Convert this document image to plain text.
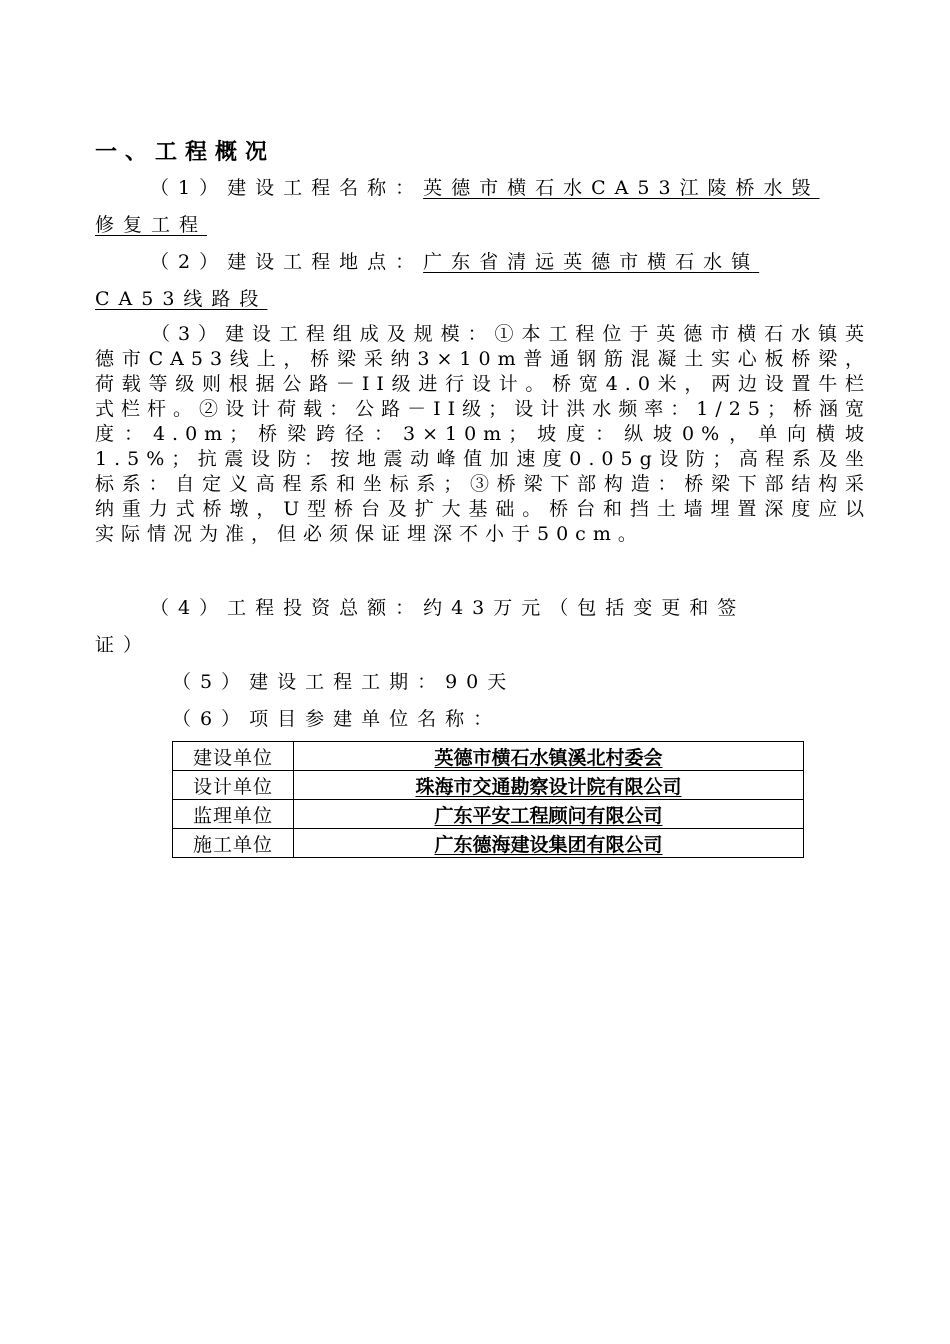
一、工程概况
（1）建设工程名称：英德市横石水CA53江陵桥水毁
修复工程
（2）建设工程地点：广东省清远英德市横石水镇
CA53线路段
（3）建设工程组成及规模：①本工程位于英德市横石水镇英德市CA53线上，桥梁采纳3×10m普通钢筋混凝土实心板桥梁，荷载等级则根据公路－II级进行设计。桥宽4.0米，两边设置牛栏式栏杆。②设计荷载：公路－II级；设计洪水频率：1/25；桥涵宽度：4.0m；桥梁跨径：3×10m；坡度：纵坡0%，单向横坡1.5%；抗震设防：按地震动峰值加速度0.05g设防；高程系及坐标系：自定义高程系和坐标系；③桥梁下部构造：桥梁下部结构采纳重力式桥墩，U型桥台及扩大基础。桥台和挡土墙埋置深度应以实际情况为准，但必须保证埋深不小于50cm。
（4）工程投资总额：约43万元（包括变更和签
证）
（5）建设工程工期：90天
（6）项目参建单位名称：
建设单位	英德市横石水镇溪北村委会
设计单位	珠海市交通勘察设计院有限公司
监理单位	广东平安工程顾问有限公司
施工单位	广东德海建设集团有限公司
